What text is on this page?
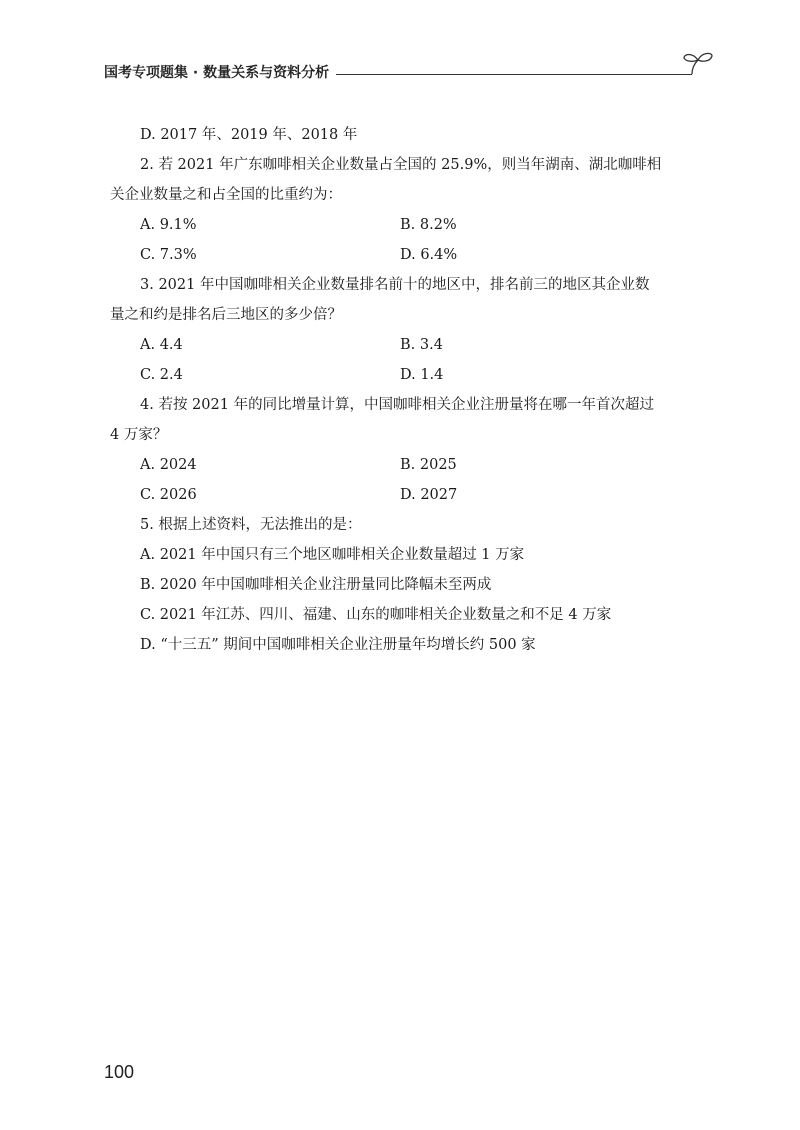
国考专项题集 · 数量关系与资料分析
D. 2017 年、2019 年、2018 年
2. 若 2021 年广东咖啡相关企业数量占全国的 25.9%，则当年湖南、湖北咖啡相
关企业数量之和占全国的比重约为：
A. 9.1%	B. 8.2%
C. 7.3%	D. 6.4%
3. 2021 年中国咖啡相关企业数量排名前十的地区中，排名前三的地区其企业数
量之和约是排名后三地区的多少倍？
A. 4.4	B. 3.4
C. 2.4	D. 1.4
4. 若按 2021 年的同比增量计算，中国咖啡相关企业注册量将在哪一年首次超过
4 万家？
A. 2024	B. 2025
C. 2026	D. 2027
5. 根据上述资料，无法推出的是：
A. 2021 年中国只有三个地区咖啡相关企业数量超过 1 万家
B. 2020 年中国咖啡相关企业注册量同比降幅未至两成
C. 2021 年江苏、四川、福建、山东的咖啡相关企业数量之和不足 4 万家
D. “十三五” 期间中国咖啡相关企业注册量年均增长约 500 家
100
